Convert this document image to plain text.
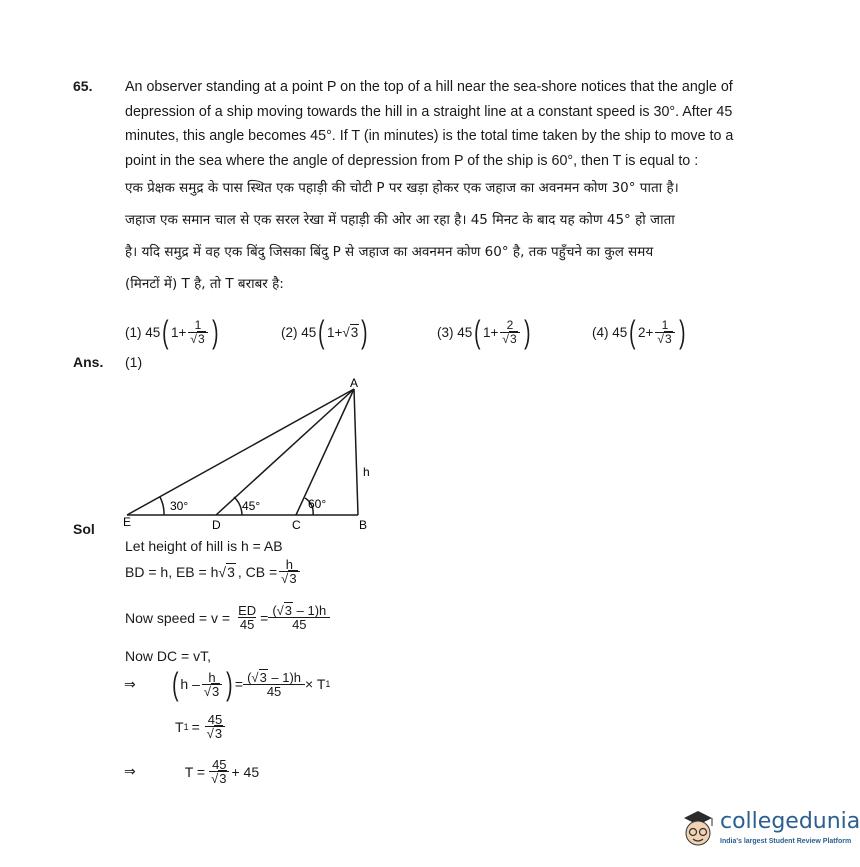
65. An observer standing at a point P on the top of a hill near the sea-shore notices that the angle of

depression of a ship moving towards the hill in a straight line at a constant speed is 30°. After 45

minutes, this angle becomes 45°. If T (in minutes) is the total time taken by the ship to move to a

point in the sea where the angle of depression from P of the ship is 60°, then T is equal to :

एक प्रेक्षक समुद्र के पास स्थित एक पहाड़ी की चोटी P पर खड़ा होकर एक जहाज का अवनमन कोण 30° पाता है।

जहाज एक समान चाल से एक सरल रेखा में पहाड़ी की ओर आ रहा है। 45 मिनट के बाद यह कोण 45° हो जाता

है। यदि समुद्र में वह एक बिंदु जिसका बिंदु P से जहाज का अवनमन कोण 60° है, तक पहुँचने का कुल समय

(मिनटों में) T है, तो T बराबर है:

(1) 45 ( $1+ \frac{1}{√3}$ )	(2) 45 ( 1+ √ 3 )	(3) 45 ( $1+ \frac{2}{√3}$ )	(4) 45 ( $2+ \frac{1}{√3}$ )
Ans. (1)
A
B
C
D
E
h
30°	45°	60°
Sol
Let height of hill is h = AB
BD = h, EB = h √ 3 , CB = $\frac{h}{√3}$
Now speed = $v = \frac{ED}{45} = \frac{(√3 - 1)h}{45}$
Now DC = vT,
⇒ ( h – $\frac{h}{√3}$ ) = $\frac{(√3 - 1)h}{45} \times T$ 1
T $1 = \frac{45}{√3}$
⇒	$T = \frac{45}{√3} + 45$
collegedunia
India's largest Student Review Platform
